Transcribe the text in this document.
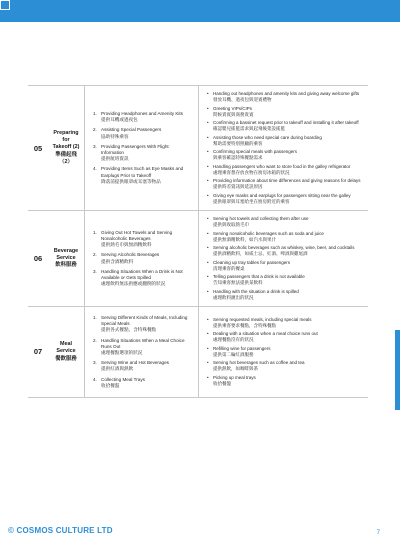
05
Preparing for
Takeoff (2)
準備起飛（2）
1. Providing Headphones and Amenity Kits
提供耳機或過夜包
2. Assisting Special Passengers
協助特殊乘客
3. Providing Passengers With Flight Information
提供航班資訊
4. Providing Items Such as Eye Masks and Earplugs Prior to Takeoff
降落前提供眼罩或耳塞等物品
• Handing out headphones and amenity kits and giving away welcome gifts
發放耳機、過夜包與迎賓禮物
• Greeting VIPs/CIPs
問候貴賓與商務貴賓
• Confirming a bassinet request prior to takeoff and installing it after takeoff
確認嬰兒搖籃需求與起飛後架設搖籃
• Assisting those who need special care during boarding
幫助需要特別照顧的乘客
• Confirming special meals with passengers
與乘客確認特殊餐點需求
• Handling passengers who want to store food in the galley refrigerator
處理乘客想存放食物在廚房冰箱的狀況
• Providing information about time differences and giving reasons for delays
提供時差資訊與延誤原因
• Giving eye masks and earplugs for passengers sitting near the galley
提供眼罩與耳塞給坐在廚房附近的乘客
06
Beverage
Service
飲料服務
1. Giving Out Hot Towels and Serving Nonalcoholic Beverages
提供熱毛巾與無酒精飲料
2. Serving Alcoholic Beverages
提供含酒精飲料
3. Handling Situations When a Drink is Not Available or Gets Spilled
處理飲料無法供應或翻倒的狀況
• Serving hot towels and collecting them after use
提供與收取熱毛巾
• Serving nonalcoholic beverages such as soda and juice
提供無酒精飲料，如汽水與果汁
• Serving alcoholic beverages such as whiskey, wine, beer, and cocktails
提供酒精飲料，如威士忌、紅酒、啤酒與雞尾酒
• Cleaning up tray tables for passengers
清理乘客的餐桌
• Telling passengers that a drink is not available
告知乘客無法提供某飲料
• Handling with the situation a drink is spilled
處理飲料灑出的狀況
07
Meal Service
餐飲服務
1. Serving Different Kinds of Meals, Including Special Meals
提供各式餐點，含特殊餐點
2. Handling Situations When a Meal Choice Runs Out
處理餐點選項的狀況
3. Serving Wine and Hot Beverages
提供紅酒與熱飲
4. Collecting Meal Trays
收拾餐盤
• Serving requested meals, including special meals
提供乘客要求餐點，含特殊餐點
• Dealing with a situation when a meal choice runs out
處理餐點沒有的狀況
• Refilling wine for passengers
提供第二輪紅酒服務
• Serving hot beverages such as coffee and tea
提供熱飲，如咖啡與茶
• Picking up meal trays
收拾餐盤
© COSMOS CULTURE LTD	7
